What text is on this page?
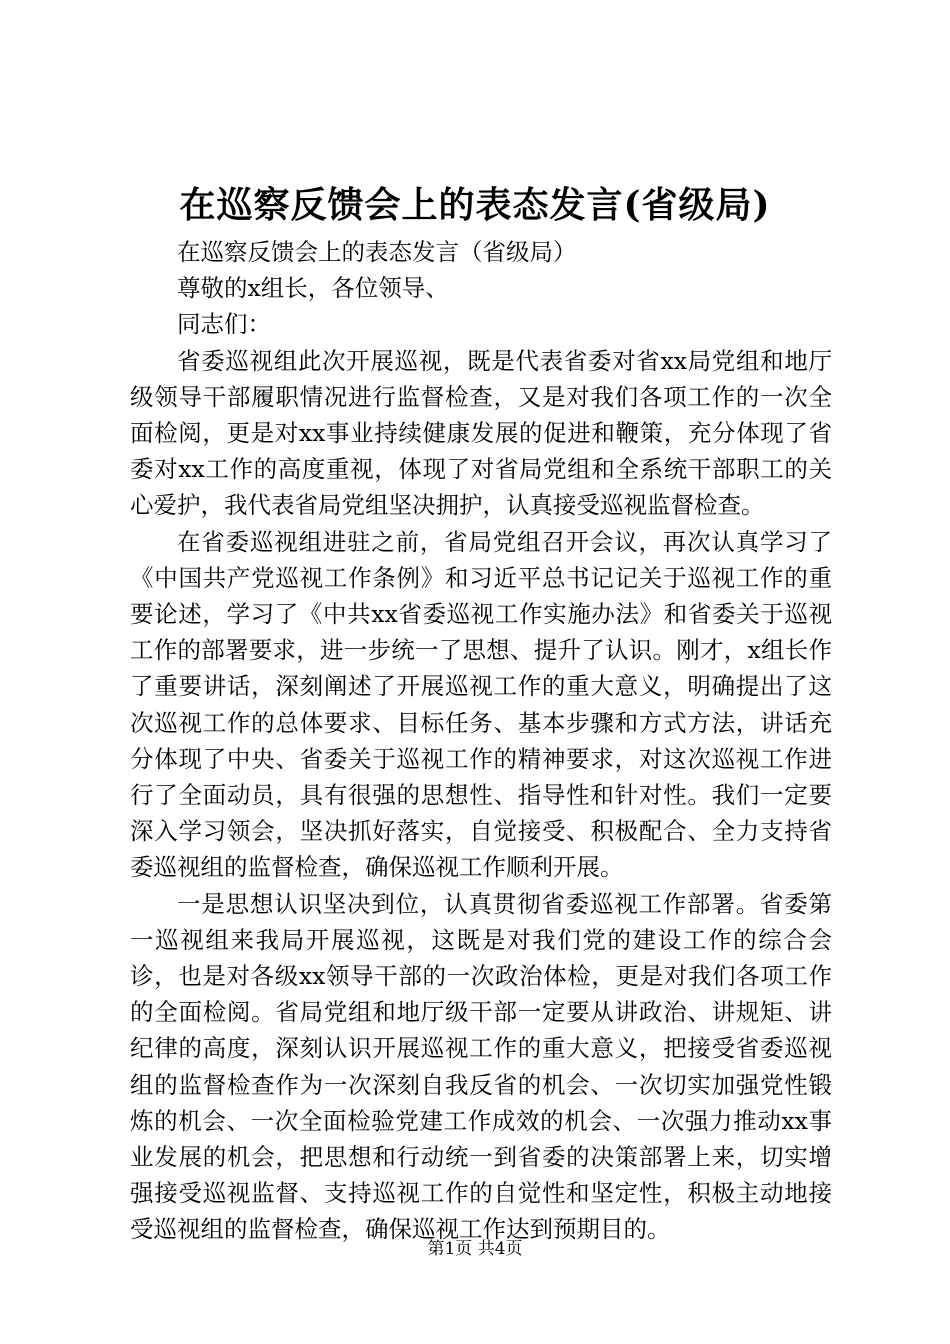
在巡察反馈会上的表态发言(省级局)

在巡察反馈会上的表态发言（省级局）

尊敬的x组长，各位领导、

同志们：

省委巡视组此次开展巡视，既是代表省委对省xx局党组和地厅级领导干部履职情况进行监督检查，又是对我们各项工作的一次全面检阅，更是对xx事业持续健康发展的促进和鞭策，充分体现了省委对xx工作的高度重视，体现了对省局党组和全系统干部职工的关心爱护，我代表省局党组坚决拥护，认真接受巡视监督检查。

在省委巡视组进驻之前，省局党组召开会议，再次认真学习了《中国共产党巡视工作条例》和习近平总书记记关于巡视工作的重要论述，学习了《中共xx省委巡视工作实施办法》和省委关于巡视工作的部署要求，进一步统一了思想、提升了认识。刚才，x组长作了重要讲话，深刻阐述了开展巡视工作的重大意义，明确提出了这次巡视工作的总体要求、目标任务、基本步骤和方式方法，讲话充分体现了中央、省委关于巡视工作的精神要求，对这次巡视工作进行了全面动员，具有很强的思想性、指导性和针对性。我们一定要深入学习领会，坚决抓好落实，自觉接受、积极配合、全力支持省委巡视组的监督检查，确保巡视工作顺利开展。

一是思想认识坚决到位，认真贯彻省委巡视工作部署。省委第一巡视组来我局开展巡视，这既是对我们党的建设工作的综合会诊，也是对各级xx领导干部的一次政治体检，更是对我们各项工作的全面检阅。省局党组和地厅级干部一定要从讲政治、讲规矩、讲纪律的高度，深刻认识开展巡视工作的重大意义，把接受省委巡视组的监督检查作为一次深刻自我反省的机会、一次切实加强党性锻炼的机会、一次全面检验党建工作成效的机会、一次强力推动xx事业发展的机会，把思想和行动统一到省委的决策部署上来，切实增强接受巡视监督、支持巡视工作的自觉性和坚定性，积极主动地接受巡视组的监督检查，确保巡视工作达到预期目的。

第1页 共4页
